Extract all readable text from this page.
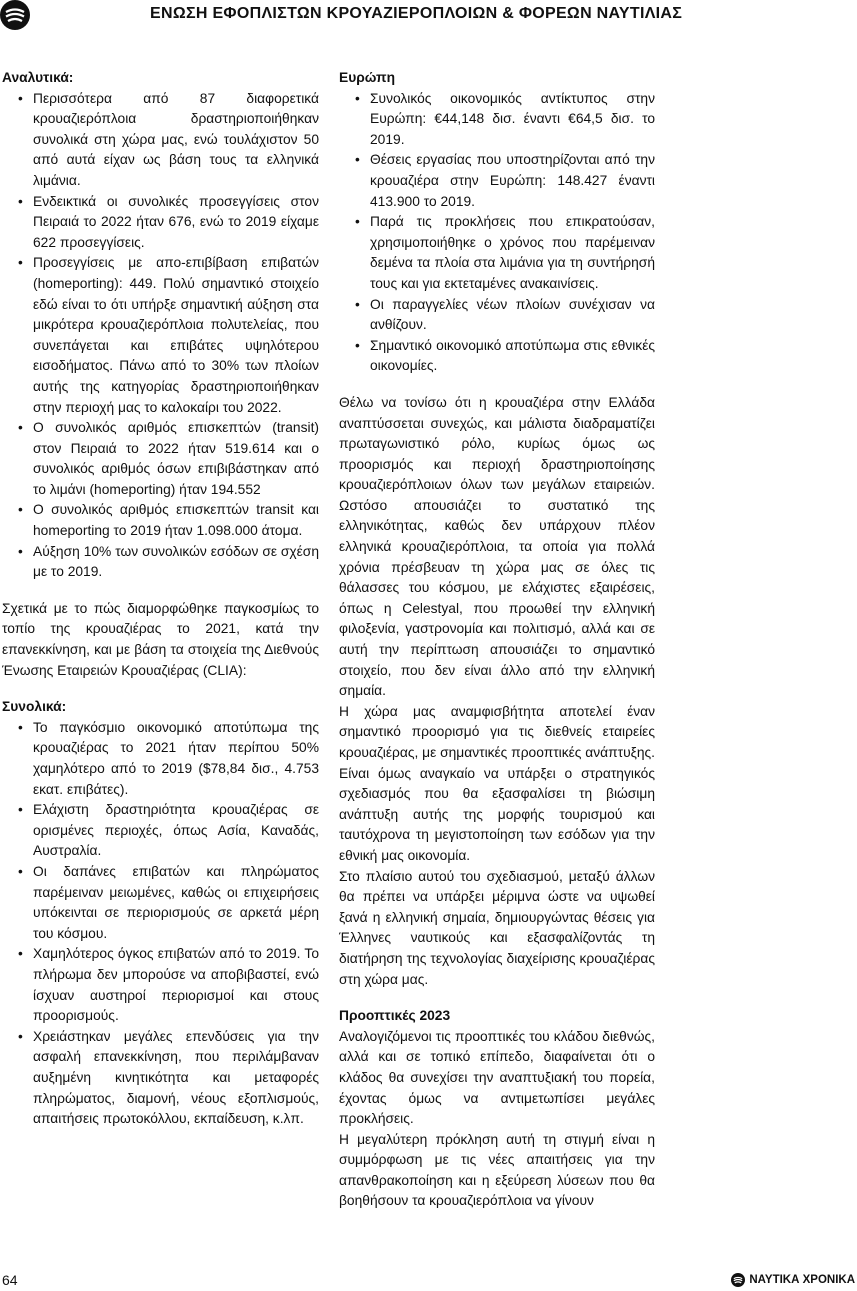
ΕΝΩΣΗ ΕΦΟΠΛΙΣΤΩΝ ΚΡΟΥΑΖΙΕΡΟΠΛΟΙΩΝ & ΦΟΡΕΩΝ ΝΑΥΤΙΛΙΑΣ

Αναλυτικά:

• Περισσότερα από 87 διαφορετικά κρουαζιερόπλοια δραστηριοποιήθηκαν συνολικά στη χώρα μας, ενώ τουλάχιστον 50 από αυτά είχαν ως βάση τους τα ελληνικά λιμάνια.
• Ενδεικτικά οι συνολικές προσεγγίσεις στον Πειραιά το 2022 ήταν 676, ενώ το 2019 είχαμε 622 προσεγγίσεις.
• Προσεγγίσεις με απο-επιβίβαση επιβατών (homeporting): 449. Πολύ σημαντικό στοιχείο εδώ είναι το ότι υπήρξε σημαντική αύξηση στα μικρότερα κρουαζιερόπλοια πολυτελείας, που συνεπάγεται και επιβάτες υψηλότερου εισοδήματος. Πάνω από το 30% των πλοίων αυτής της κατηγορίας δραστηριοποιήθηκαν στην περιοχή μας το καλοκαίρι του 2022.
• Ο συνολικός αριθμός επισκεπτών (transit) στον Πειραιά το 2022 ήταν 519.614 και ο συνολικός αριθμός όσων επιβιβάστηκαν από το λιμάνι (homeporting) ήταν 194.552
• Ο συνολικός αριθμός επισκεπτών transit και homeporting το 2019 ήταν 1.098.000 άτομα.
• Αύξηση 10% των συνολικών εσόδων σε σχέση με το 2019.

Σχετικά με το πώς διαμορφώθηκε παγκοσμίως το τοπίο της κρουαζιέρας το 2021, κατά την επανεκκίνηση, και με βάση τα στοιχεία της Διεθνούς Ένωσης Εταιρειών Κρουαζιέρας (CLIA):

Συνολικά:

• Το παγκόσμιο οικονομικό αποτύπωμα της κρουαζιέρας το 2021 ήταν περίπου 50% χαμηλότερο από το 2019 ($78,84 δισ., 4.753 εκατ. επιβάτες).
• Ελάχιστη δραστηριότητα κρουαζιέρας σε ορισμένες περιοχές, όπως Ασία, Καναδάς, Αυστραλία.
• Οι δαπάνες επιβατών και πληρώματος παρέμειναν μειωμένες, καθώς οι επιχειρήσεις υπόκεινται σε περιορισμούς σε αρκετά μέρη του κόσμου.
• Χαμηλότερος όγκος επιβατών από το 2019. Το πλήρωμα δεν μπορούσε να αποβιβαστεί, ενώ ίσχυαν αυστηροί περιορισμοί και στους προορισμούς.
• Χρειάστηκαν μεγάλες επενδύσεις για την ασφαλή επανεκκίνηση, που περιλάμβαναν αυξημένη κινητικότητα και μεταφορές πληρώματος, διαμονή, νέους εξοπλισμούς, απαιτήσεις πρωτοκόλλου, εκπαίδευση, κ.λπ.

Ευρώπη

• Συνολικός οικονομικός αντίκτυπος στην Ευρώπη: €44,148 δισ. έναντι €64,5 δισ. το 2019.
• Θέσεις εργασίας που υποστηρίζονται από την κρουαζιέρα στην Ευρώπη: 148.427 έναντι 413.900 το 2019.
• Παρά τις προκλήσεις που επικρατούσαν, χρησιμοποιήθηκε ο χρόνος που παρέμειναν δεμένα τα πλοία στα λιμάνια για τη συντήρησή τους και για εκτεταμένες ανακαινίσεις.
• Οι παραγγελίες νέων πλοίων συνέχισαν να ανθίζουν.
• Σημαντικό οικονομικό αποτύπωμα στις εθνικές οικονομίες.

Θέλω να τονίσω ότι η κρουαζιέρα στην Ελλάδα αναπτύσσεται συνεχώς, και μάλιστα διαδραματίζει πρωταγωνιστικό ρόλο, κυρίως όμως ως προορισμός και περιοχή δραστηριοποίησης κρουαζιερόπλοιων όλων των μεγάλων εταιρειών. Ωστόσο απουσιάζει το συστατικό της ελληνικότητας, καθώς δεν υπάρχουν πλέον ελληνικά κρουαζιερόπλοια, τα οποία για πολλά χρόνια πρέσβευαν τη χώρα μας σε όλες τις θάλασσες του κόσμου, με ελάχιστες εξαιρέσεις, όπως η Celestyal, που προωθεί την ελληνική φιλοξενία, γαστρονομία και πολιτισμό, αλλά και σε αυτή την περίπτωση απουσιάζει το σημαντικό στοιχείο, που δεν είναι άλλο από την ελληνική σημαία.

Η χώρα μας αναμφισβήτητα αποτελεί έναν σημαντικό προορισμό για τις διεθνείς εταιρείες κρουαζιέρας, με σημαντικές προοπτικές ανάπτυξης. Είναι όμως αναγκαίο να υπάρξει ο στρατηγικός σχεδιασμός που θα εξασφαλίσει τη βιώσιμη ανάπτυξη αυτής της μορφής τουρισμού και ταυτόχρονα τη μεγιστοποίηση των εσόδων για την εθνική μας οικονομία.

Στο πλαίσιο αυτού του σχεδιασμού, μεταξύ άλλων θα πρέπει να υπάρξει μέριμνα ώστε να υψωθεί ξανά η ελληνική σημαία, δημιουργώντας θέσεις για Έλληνες ναυτικούς και εξασφαλίζοντάς τη διατήρηση της τεχνολογίας διαχείρισης κρουαζιέρας στη χώρα μας.

Προοπτικές 2023

Αναλογιζόμενοι τις προοπτικές του κλάδου διεθνώς, αλλά και σε τοπικό επίπεδο, διαφαίνεται ότι ο κλάδος θα συνεχίσει την αναπτυξιακή του πορεία, έχοντας όμως να αντιμετωπίσει μεγάλες προκλήσεις.

Η μεγαλύτερη πρόκληση αυτή τη στιγμή είναι η συμμόρφωση με τις νέες απαιτήσεις για την απανθρακοποίηση και η εξεύρεση λύσεων που θα βοηθήσουν τα κρουαζιερόπλοια να γίνουν

64	ΝΑΥΤΙΚΑ ΧΡΟΝΙΚΑ
